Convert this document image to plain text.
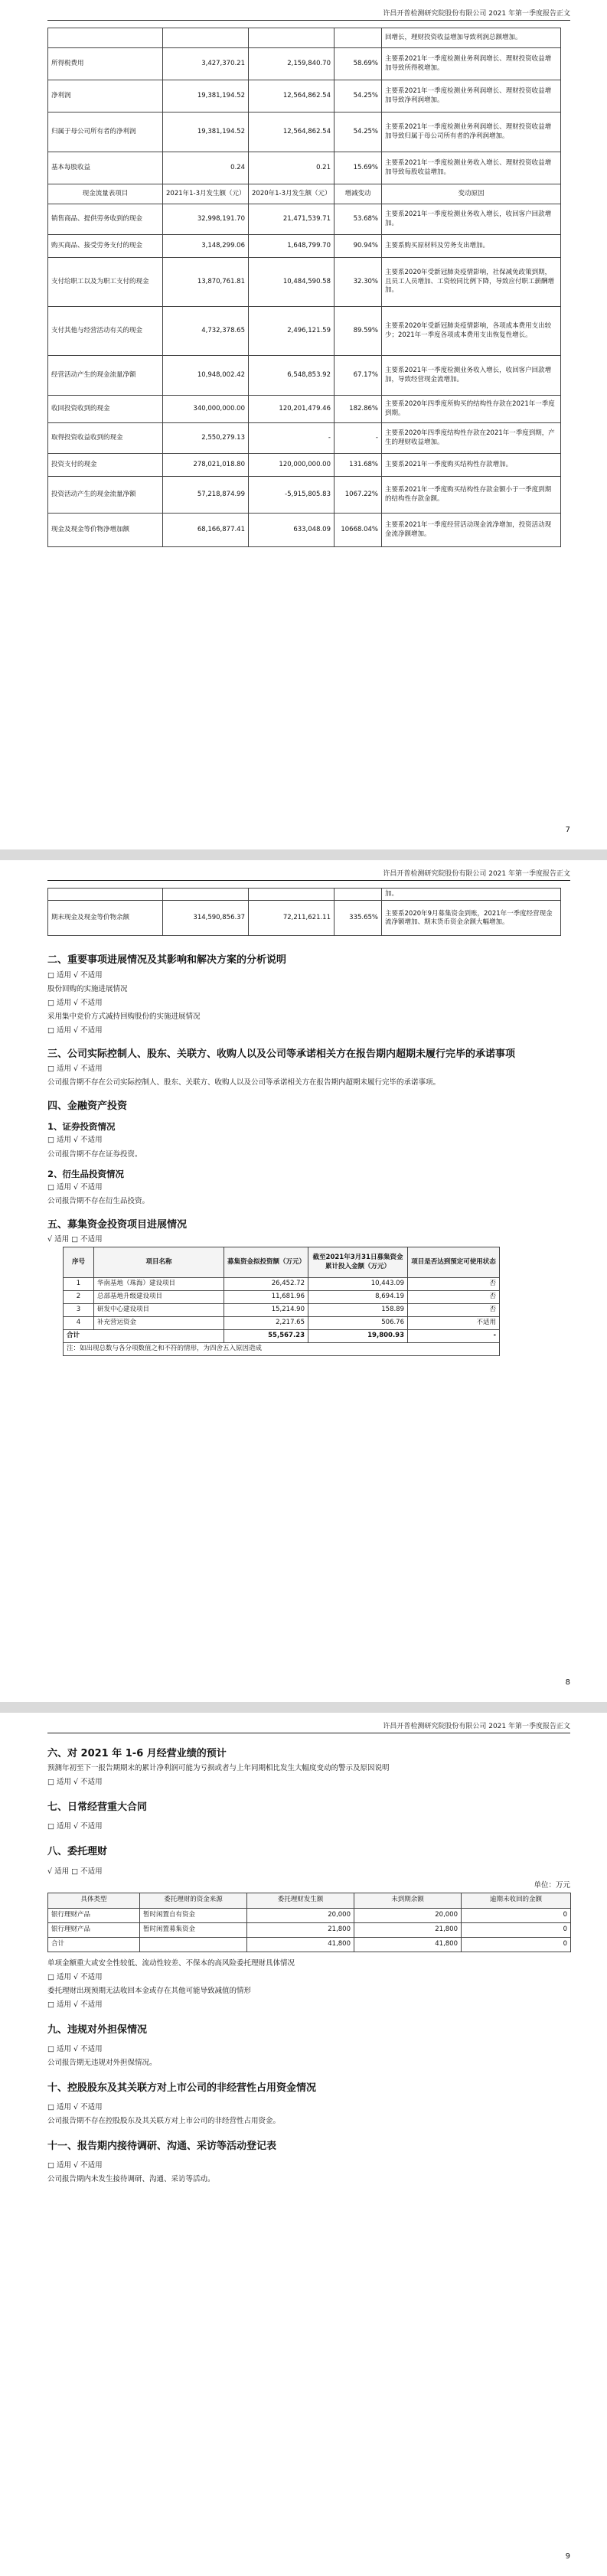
许昌开普检测研究院股份有限公司 2021 年第一季度报告正文
				回增长，理财投资收益增加导致利润总额增加。
所得税费用	3,427,370.21	2,159,840.70	58.69%	主要系2021年一季度检测业务利润增长、理财投资收益增加导致所得税增加。
净利润	19,381,194.52	12,564,862.54	54.25%	主要系2021年一季度检测业务利润增长、理财投资收益增加导致净利润增加。
归属于母公司所有者的净利润	19,381,194.52	12,564,862.54	54.25%	主要系2021年一季度检测业务利润增长、理财投资收益增加导致归属于母公司所有者的净利润增加。
基本每股收益	0.24	0.21	15.69%	主要系2021年一季度检测业务收入增长、理财投资收益增加导致每股收益增加。
现金流量表项目	2021年1-3月发生额（元）	2020年1-3月发生额（元）	增减变动	变动原因
销售商品、提供劳务收到的现金	32,998,191.70	21,471,539.71	53.68%	主要系2021年一季度检测业务收入增长，收回客户回款增加。
购买商品、接受劳务支付的现金	3,148,299.06	1,648,799.70	90.94%	主要系购买原材料及劳务支出增加。
支付给职工以及为职工支付的现金	13,870,761.81	10,484,590.58	32.30%	主要系2020年受新冠肺炎疫情影响，社保减免政策到期，且员工人员增加、工资较同比例下降，导致应付职工薪酬增加。
支付其他与经营活动有关的现金	4,732,378.65	2,496,121.59	89.59%	主要系2020年受新冠肺炎疫情影响，各项成本费用支出较少；2021年一季度各项成本费用支出恢复性增长。
经营活动产生的现金流量净额	10,948,002.42	6,548,853.92	67.17%	主要系2021年一季度检测业务收入增长，收回客户回款增加，导致经营现金流增加。
收回投资收到的现金	340,000,000.00	120,201,479.46	182.86%	主要系2020年四季度所购买的结构性存款在2021年一季度到期。
取得投资收益收到的现金	2,550,279.13	-	-	主要系2020年四季度结构性存款在2021年一季度到期，产生的理财收益增加。
投资支付的现金	278,021,018.80	120,000,000.00	131.68%	主要系2021年一季度购买结构性存款增加。
投资活动产生的现金流量净额	57,218,874.99	-5,915,805.83	1067.22%	主要系2021年一季度购买结构性存款金额小于一季度到期的结构性存款金额。
现金及现金等价物净增加额	68,166,877.41	633,048.09	10668.04%	主要系2021年一季度经营活动现金流净增加，投资活动现金流净额增加。
7
许昌开普检测研究院股份有限公司 2021 年第一季度报告正文
				加。
期末现金及现金等价物余额	314,590,856.37	72,211,621.11	335.65%	主要系2020年9月募集资金到账，2021年一季度经营现金流净额增加、期末货币资金余额大幅增加。

二、重要事项进展情况及其影响和解决方案的分析说明

□ 适用 √ 不适用

股份回购的实施进展情况

□ 适用 √ 不适用

采用集中竞价方式减持回购股份的实施进展情况

□ 适用 √ 不适用

三、公司实际控制人、股东、关联方、收购人以及公司等承诺相关方在报告期内超期未履行完毕的承诺事项

□ 适用 √ 不适用

公司报告期不存在公司实际控制人、股东、关联方、收购人以及公司等承诺相关方在报告期内超期未履行完毕的承诺事项。

四、金融资产投资

1、证券投资情况

□ 适用 √ 不适用

公司报告期不存在证券投资。

2、衍生品投资情况

□ 适用 √ 不适用

公司报告期不存在衍生品投资。

五、募集资金投资项目进展情况

√ 适用 □ 不适用

序号	项目名称	募集资金拟投资额（万元）	截至2021年3月31日募集资金累计投入金额（万元）	项目是否达到预定可使用状态
1	华南基地（珠海）建设项目	26,452.72	10,443.09	否
2	总部基地升级建设项目	11,681.96	8,694.19	否
3	研发中心建设项目	15,214.90	158.89	否
4	补充营运资金	2,217.65	506.76	不适用
合计		55,567.23	19,800.93	-
注：如出现总数与各分项数值之和不符的情形，为四舍五入原因造成				
8
许昌开普检测研究院股份有限公司 2021 年第一季度报告正文

六、对 2021 年 1-6 月经营业绩的预计

预测年初至下一报告期期末的累计净利润可能为亏损或者与上年同期相比发生大幅度变动的警示及原因说明

□ 适用 √ 不适用

七、日常经营重大合同

□ 适用 √ 不适用

八、委托理财

√ 适用 □ 不适用

单位：万元
具体类型	委托理财的资金来源	委托理财发生额	未到期余额	逾期未收回的金额
银行理财产品	暂时闲置自有资金	20,000	20,000	0
银行理财产品	暂时闲置募集资金	21,800	21,800	0
合计		41,800	41,800	0

单项金额重大或安全性较低、流动性较差、不保本的高风险委托理财具体情况

□ 适用 √ 不适用

委托理财出现预期无法收回本金或存在其他可能导致减值的情形

□ 适用 √ 不适用

九、违规对外担保情况

□ 适用 √ 不适用

公司报告期无违规对外担保情况。

十、控股股东及其关联方对上市公司的非经营性占用资金情况

□ 适用 √ 不适用

公司报告期不存在控股股东及其关联方对上市公司的非经营性占用资金。

十一、报告期内接待调研、沟通、采访等活动登记表

□ 适用 √ 不适用

公司报告期内未发生接待调研、沟通、采访等活动。

9
